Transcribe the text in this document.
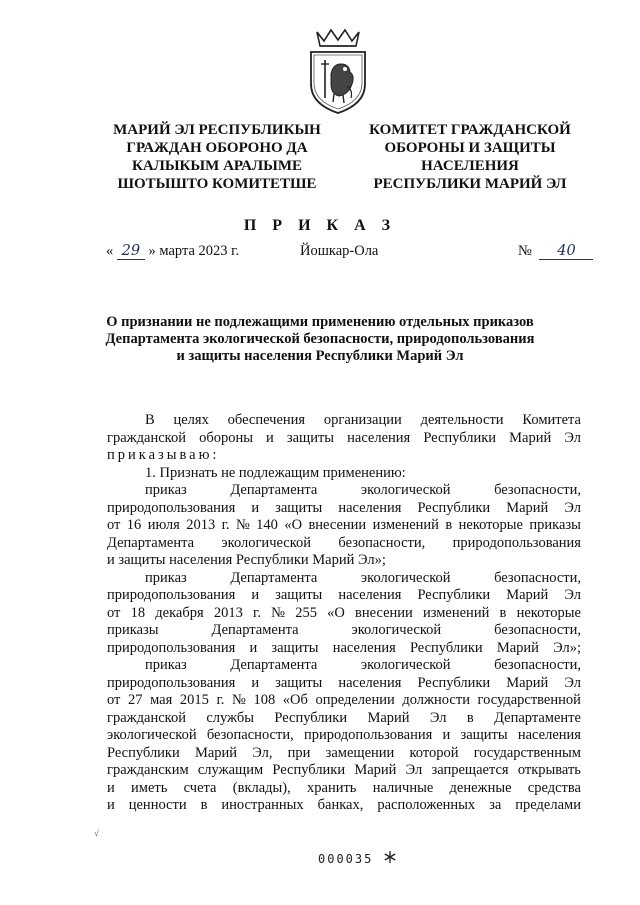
МАРИЙ ЭЛ РЕСПУБЛИКЫН
ГРАЖДАН ОБОРОНО ДА
КАЛЫКЫМ АРАЛЫМЕ
ШОТЫШТО КОМИТЕТШЕ
КОМИТЕТ ГРАЖДАНСКОЙ
ОБОРОНЫ И ЗАЩИТЫ
НАСЕЛЕНИЯ
РЕСПУБЛИКИ МАРИЙ ЭЛ
П Р И К А З
« 29 » марта 2023 г.	Йошкар-Ола	№ 40
О признании не подлежащими применению отдельных приказов
Департамента экологической безопасности, природопользования
и защиты населения Республики Марий Эл
В целях обеспечения организации деятельности Комитета
гражданской обороны и защиты населения Республики Марий Эл
приказываю:
1. Признать не подлежащим применению:
приказ	Департамента	экологической	безопасности,
природопользования и защиты населения Республики Марий Эл
от 16 июля 2013 г. № 140 «О внесении изменений в некоторые приказы
Департамента экологической безопасности, природопользования
и защиты населения Республики Марий Эл»;
приказ	Департамента	экологической	безопасности,
природопользования и защиты населения Республики Марий Эл
от 18 декабря 2013 г. № 255 «О внесении изменений в некоторые
приказы	Департамента	экологической	безопасности,
природопользования и защиты населения Республики Марий Эл»;
приказ	Департамента	экологической	безопасности,
природопользования и защиты населения Республики Марий Эл
от 27 мая 2015 г. № 108 «Об определении должности государственной
гражданской службы Республики Марий Эл в Департаменте
экологической безопасности, природопользования и защиты населения
Республики Марий Эл, при замещении которой государственным
гражданским служащим Республики Марий Эл запрещается открывать
и иметь счета (вклады), хранить наличные денежные средства
и ценности в иностранных банках, расположенных за пределами
√
000035
